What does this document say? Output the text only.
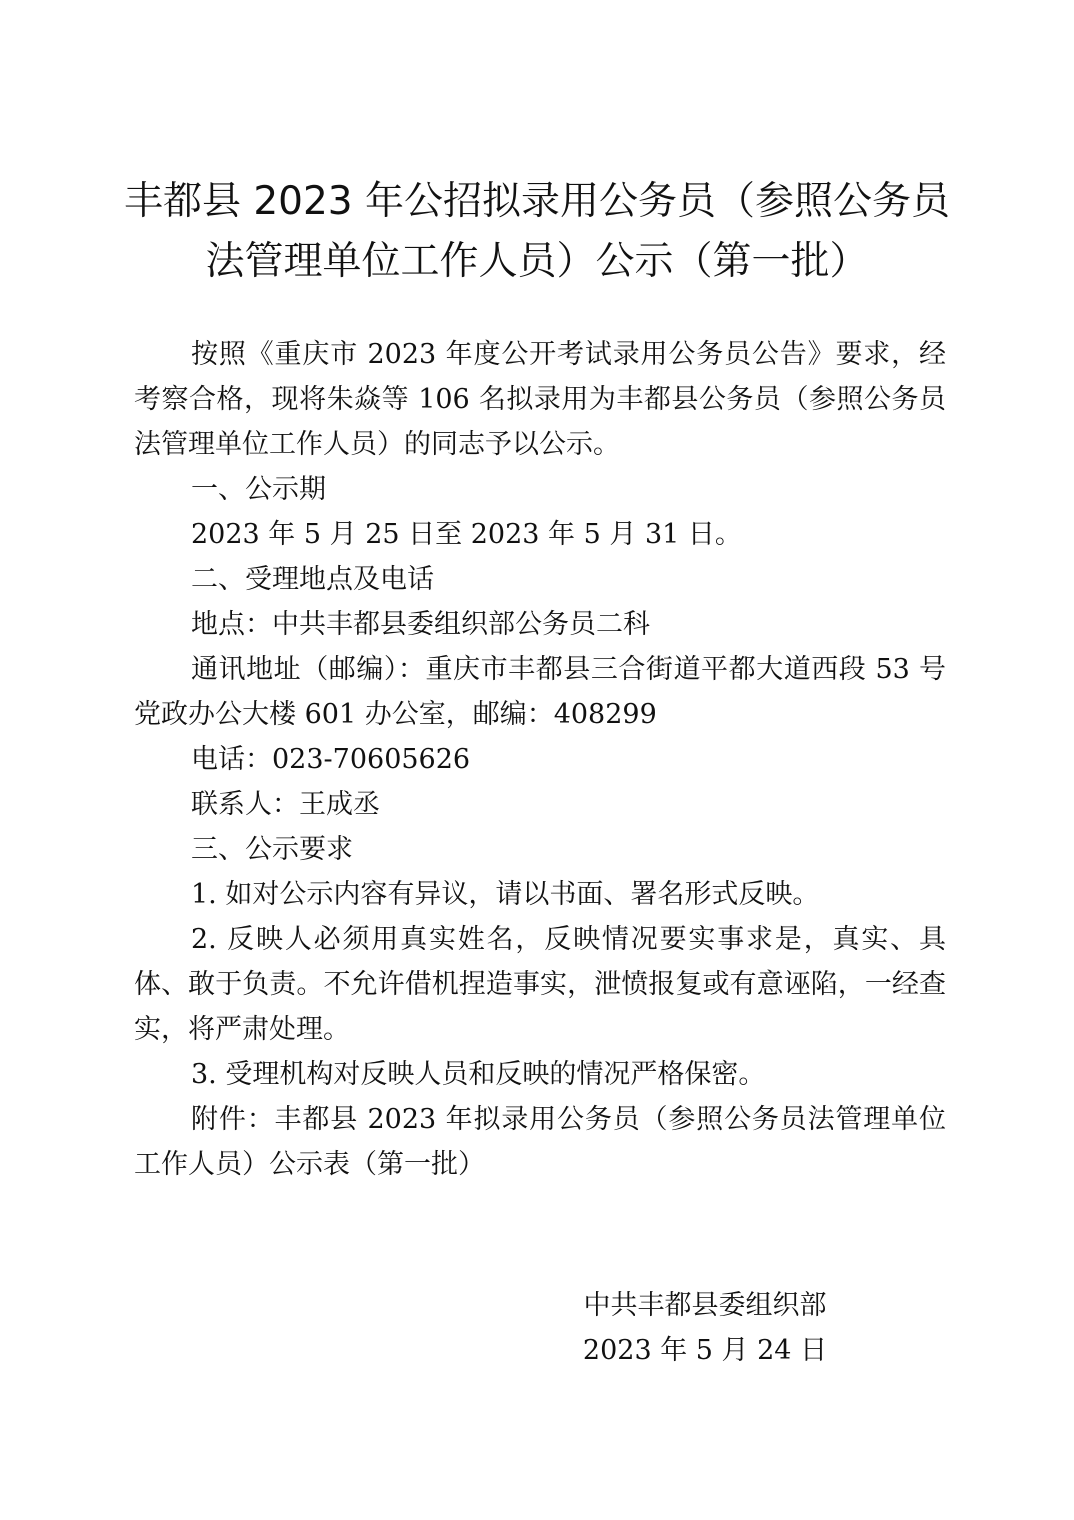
丰都县 2023 年公招拟录用公务员（参照公务员
法管理单位工作人员）公示（第一批）

按照《重庆市 2023 年度公开考试录用公务员公告》要求，经考察合格，现将朱焱等 106 名拟录用为丰都县公务员（参照公务员法管理单位工作人员）的同志予以公示。

一、公示期

2023 年 5 月 25 日至 2023 年 5 月 31 日。

二、受理地点及电话

地点：中共丰都县委组织部公务员二科

通讯地址（邮编）：重庆市丰都县三合街道平都大道西段 53 号党政办公大楼 601 办公室，邮编：408299

电话：023-70605626

联系人：王成丞

三、公示要求

1. 如对公示内容有异议，请以书面、署名形式反映。

2. 反映人必须用真实姓名，反映情况要实事求是，真实、具体、敢于负责。不允许借机捏造事实，泄愤报复或有意诬陷，一经查实，将严肃处理。

3. 受理机构对反映人员和反映的情况严格保密。

附件：丰都县 2023 年拟录用公务员（参照公务员法管理单位工作人员）公示表（第一批）

中共丰都县委组织部
2023 年 5 月 24 日
